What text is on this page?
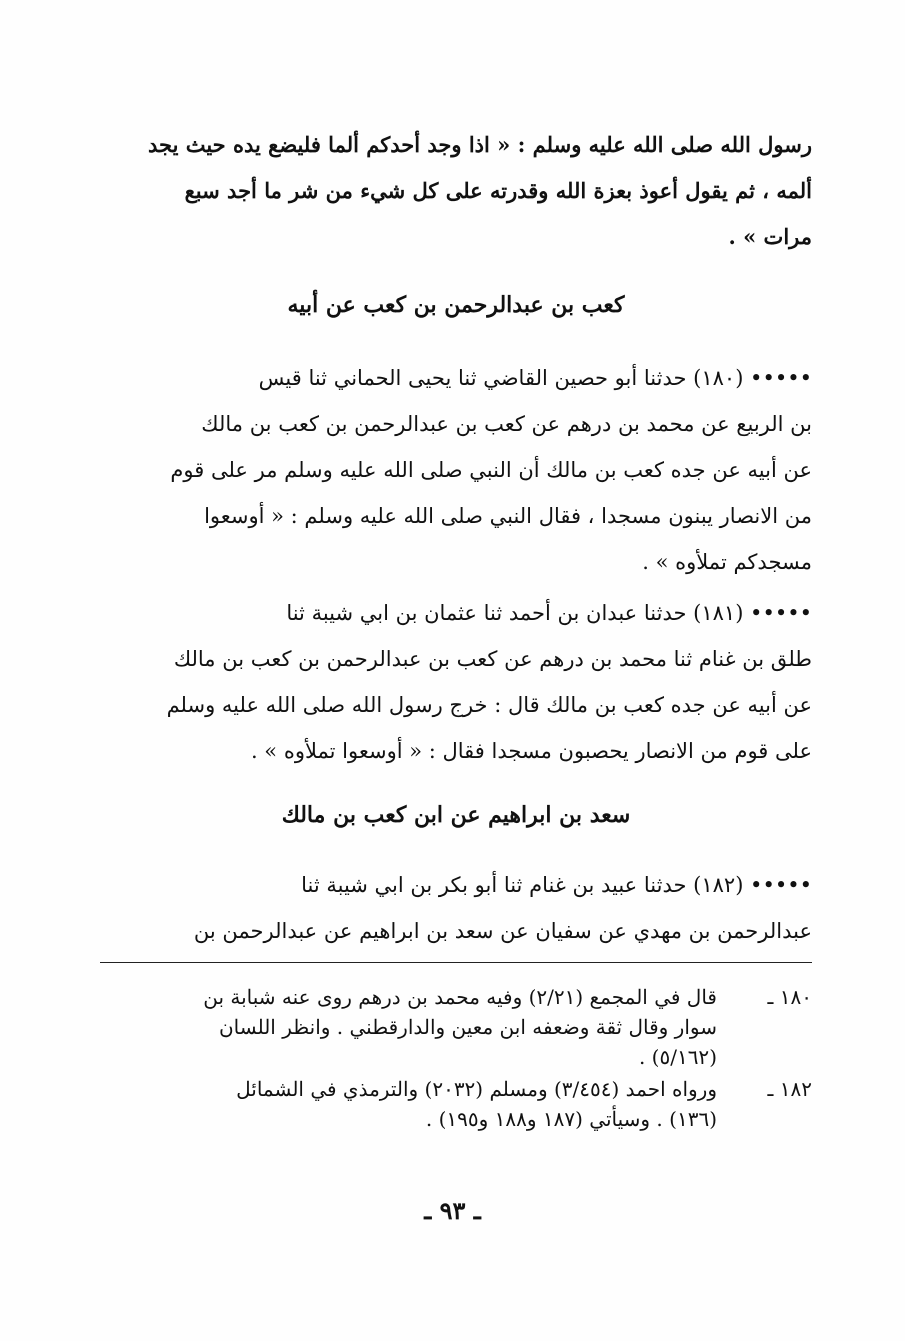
رسول الله صلى الله عليه وسلم : « اذا وجد أحدكم ألما فليضع يده حيث يجد
ألمه ، ثم يقول أعوذ بعزة الله وقدرته على كل شيء من شر ما أجد سبع
مرات » .
كعب بن عبدالرحمن بن كعب عن أبيه
••••• (١٨٠) حدثنا أبو حصين القاضي ثنا يحيى الحماني ثنا قيس
بن الربيع عن محمد بن درهم عن كعب بن عبدالرحمن بن كعب بن مالك
عن أبيه عن جده كعب بن مالك أن النبي صلى الله عليه وسلم مر على قوم
من الانصار يبنون مسجدا ، فقال النبي صلى الله عليه وسلم : « أوسعوا
مسجدكم تملأوه » .
••••• (١٨١) حدثنا عبدان بن أحمد ثنا عثمان بن ابي شيبة ثنا
طلق بن غنام ثنا محمد بن درهم عن كعب بن عبدالرحمن بن كعب بن مالك
عن أبيه عن جده كعب بن مالك قال : خرج رسول الله صلى الله عليه وسلم
على قوم من الانصار يحصبون مسجدا فقال : « أوسعوا تملأوه » .
سعد بن ابراهيم عن ابن كعب بن مالك
••••• (١٨٢) حدثنا عبيد بن غنام ثنا أبو بكر بن ابي شيبة ثنا
عبدالرحمن بن مهدي عن سفيان عن سعد بن ابراهيم عن عبدالرحمن بن
١٨٠ ـ
قال في المجمع (٢/٢١) وفيه محمد بن درهم روى عنه شبابة بن
سوار وقال ثقة وضعفه ابن معين والدارقطني . وانظر اللسان
(٥/١٦٢) .
١٨٢ ـ
ورواه احمد (٣/٤٥٤) ومسلم (٢٠٣٢) والترمذي في الشمائل
(١٣٦) . وسيأتي (١٨٧ و١٨٨ و١٩٥) .
ـ ٩٣ ـ
